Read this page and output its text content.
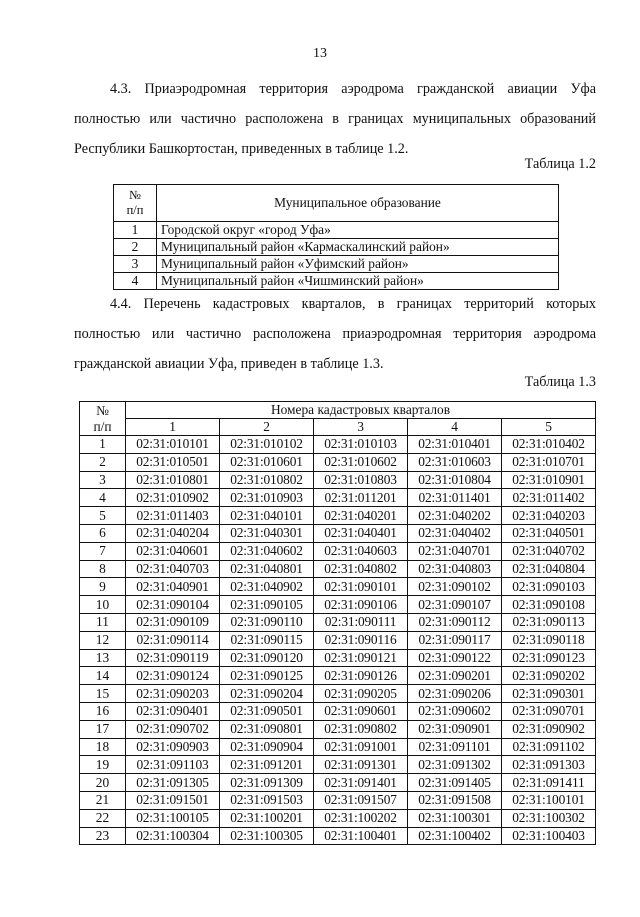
13

4.3. Приаэродромная территория аэродрома гражданской авиации Уфа
полностью или частично расположена в границах муниципальных образований
Республики Башкортостан, приведенных в таблице 1.2.

Таблица 1.2
№
п/п	Муниципальное образование
1	Городской округ «город Уфа»
2	Муниципальный район «Кармаскалинский район»
3	Муниципальный район «Уфимский район»
4	Муниципальный район «Чишминский район»

4.4. Перечень кадастровых кварталов, в границах территорий которых
полностью или частично расположена приаэродромная территория аэродрома
гражданской авиации Уфа, приведен в таблице 1.3.

Таблица 1.3
№
п/п	Номера кадастровых кварталов				
	1	2	3	4	5
1	02:31:010101	02:31:010102	02:31:010103	02:31:010401	02:31:010402
2	02:31:010501	02:31:010601	02:31:010602	02:31:010603	02:31:010701
3	02:31:010801	02:31:010802	02:31:010803	02:31:010804	02:31:010901
4	02:31:010902	02:31:010903	02:31:011201	02:31:011401	02:31:011402
5	02:31:011403	02:31:040101	02:31:040201	02:31:040202	02:31:040203
6	02:31:040204	02:31:040301	02:31:040401	02:31:040402	02:31:040501
7	02:31:040601	02:31:040602	02:31:040603	02:31:040701	02:31:040702
8	02:31:040703	02:31:040801	02:31:040802	02:31:040803	02:31:040804
9	02:31:040901	02:31:040902	02:31:090101	02:31:090102	02:31:090103
10	02:31:090104	02:31:090105	02:31:090106	02:31:090107	02:31:090108
11	02:31:090109	02:31:090110	02:31:090111	02:31:090112	02:31:090113
12	02:31:090114	02:31:090115	02:31:090116	02:31:090117	02:31:090118
13	02:31:090119	02:31:090120	02:31:090121	02:31:090122	02:31:090123
14	02:31:090124	02:31:090125	02:31:090126	02:31:090201	02:31:090202
15	02:31:090203	02:31:090204	02:31:090205	02:31:090206	02:31:090301
16	02:31:090401	02:31:090501	02:31:090601	02:31:090602	02:31:090701
17	02:31:090702	02:31:090801	02:31:090802	02:31:090901	02:31:090902
18	02:31:090903	02:31:090904	02:31:091001	02:31:091101	02:31:091102
19	02:31:091103	02:31:091201	02:31:091301	02:31:091302	02:31:091303
20	02:31:091305	02:31:091309	02:31:091401	02:31:091405	02:31:091411
21	02:31:091501	02:31:091503	02:31:091507	02:31:091508	02:31:100101
22	02:31:100105	02:31:100201	02:31:100202	02:31:100301	02:31:100302
23	02:31:100304	02:31:100305	02:31:100401	02:31:100402	02:31:100403
